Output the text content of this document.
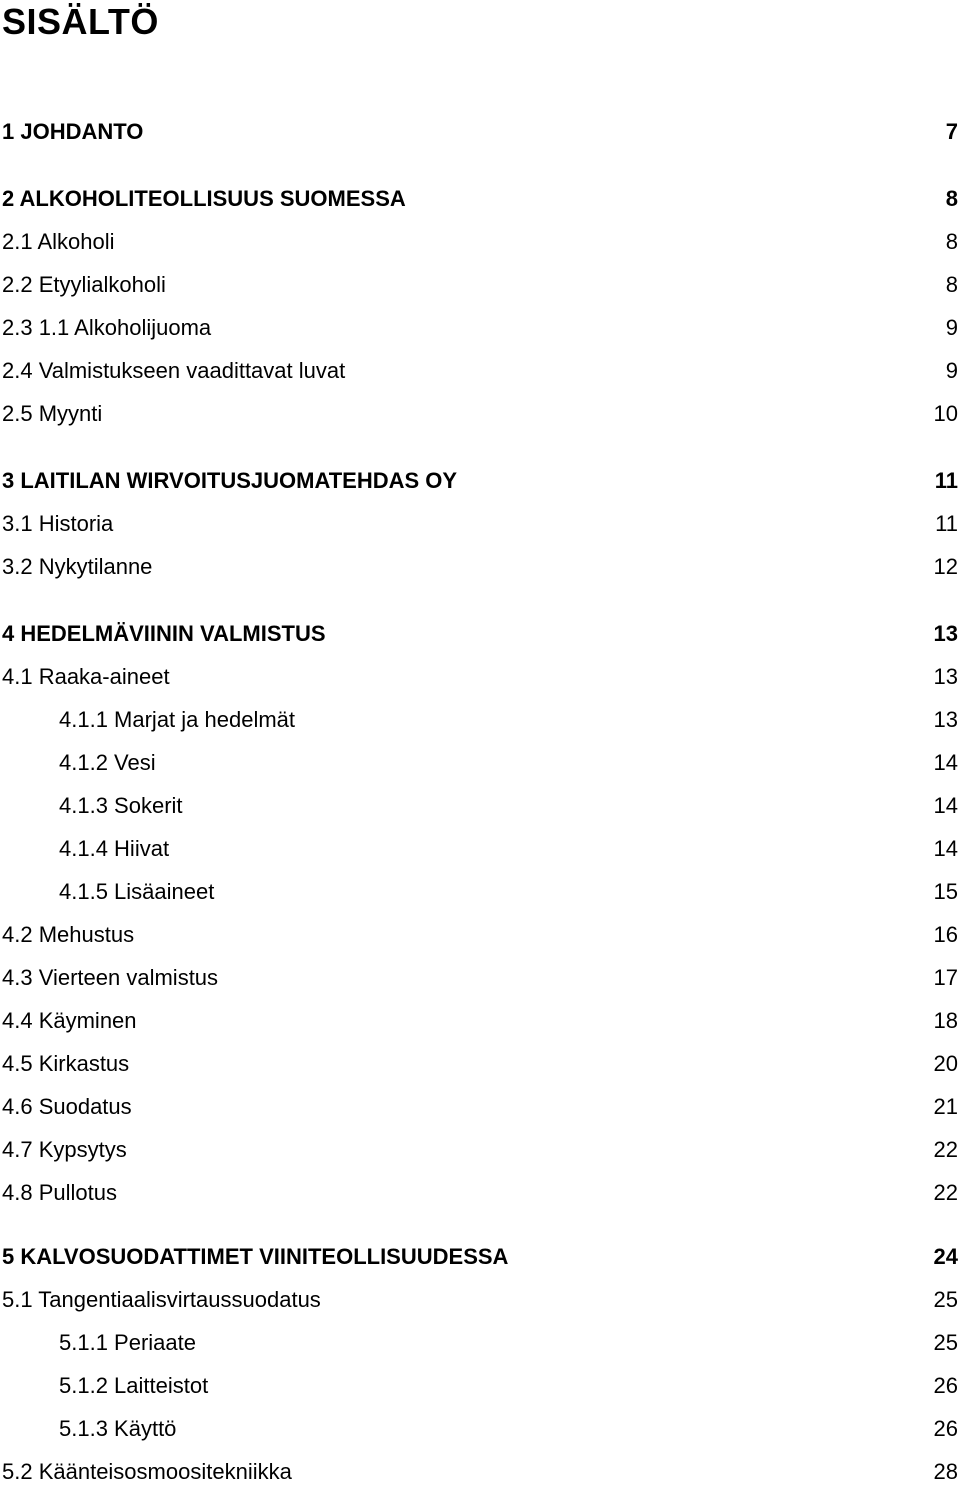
SISÄLTÖ
1 JOHDANTO	7
2 ALKOHOLITEOLLISUUS SUOMESSA	8
2.1 Alkoholi	8
2.2 Etyylialkoholi	8
2.3 1.1 Alkoholijuoma	9
2.4 Valmistukseen vaadittavat luvat	9
2.5 Myynti	10
3 LAITILAN WIRVOITUSJUOMATEHDAS OY	11
3.1 Historia	11
3.2 Nykytilanne	12
4 HEDELMÄVIININ VALMISTUS	13
4.1 Raaka-aineet	13
4.1.1 Marjat ja hedelmät	13
4.1.2 Vesi	14
4.1.3 Sokerit	14
4.1.4 Hiivat	14
4.1.5 Lisäaineet	15
4.2 Mehustus	16
4.3 Vierteen valmistus	17
4.4 Käyminen	18
4.5 Kirkastus	20
4.6 Suodatus	21
4.7 Kypsytys	22
4.8 Pullotus	22
5 KALVOSUODATTIMET VIINITEOLLISUUDESSA	24
5.1 Tangentiaalisvirtaussuodatus	25
5.1.1 Periaate	25
5.1.2 Laitteistot	26
5.1.3 Käyttö	26
5.2 Käänteisosmoositekniikka	28
